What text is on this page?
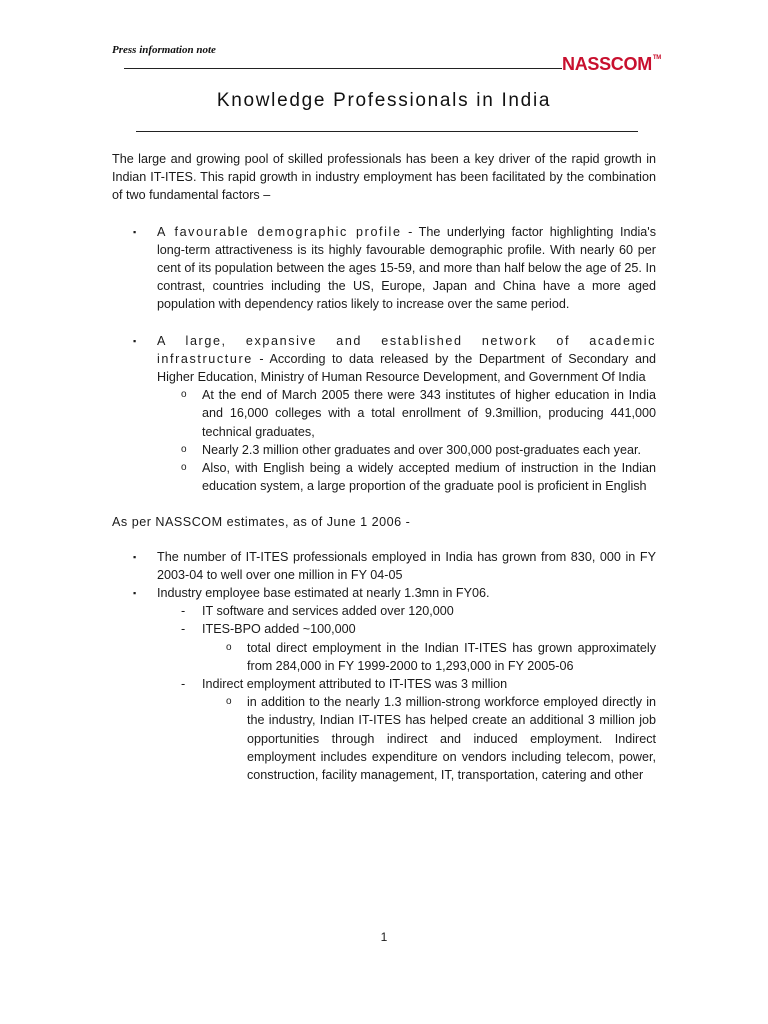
Press information note
NASSCOM™
Knowledge Professionals in India

The large and growing pool of skilled professionals has been a key driver of the rapid growth in Indian IT-ITES. This rapid growth in industry employment has been facilitated by the combination of two fundamental factors –

▪ A favourable demographic profile - The underlying factor highlighting India's long-term attractiveness is its highly favourable demographic profile. With nearly 60 per cent of its population between the ages 15-59, and more than half below the age of 25. In contrast, countries including the US, Europe, Japan and China have a more aged population with dependency ratios likely to increase over the same period.
▪ A large, expansive and established network of academic infrastructure - According to data released by the Department of Secondary and Higher Education, Ministry of Human Resource Development, and Government Of India
o At the end of March 2005 there were 343 institutes of higher education in India and 16,000 colleges with a total enrollment of 9.3million, producing 441,000 technical graduates,
o Nearly 2.3 million other graduates and over 300,000 post-graduates each year.
o Also, with English being a widely accepted medium of instruction in the Indian education system, a large proportion of the graduate pool is proficient in English

As per NASSCOM estimates, as of June 1 2006 -

▪ The number of IT-ITES professionals employed in India has grown from 830, 000 in FY 2003-04 to well over one million in FY 04-05
▪ Industry employee base estimated at nearly 1.3mn in FY06.
- IT software and services added over 120,000
- ITES-BPO added ~100,000
o total direct employment in the Indian IT-ITES has grown approximately from 284,000 in FY 1999-2000 to 1,293,000 in FY 2005-06
- Indirect employment attributed to IT-ITES was 3 million
o in addition to the nearly 1.3 million-strong workforce employed directly in the industry, Indian IT-ITES has helped create an additional 3 million job opportunities through indirect and induced employment. Indirect employment includes expenditure on vendors including telecom, power, construction, facility management, IT, transportation, catering and other
1
